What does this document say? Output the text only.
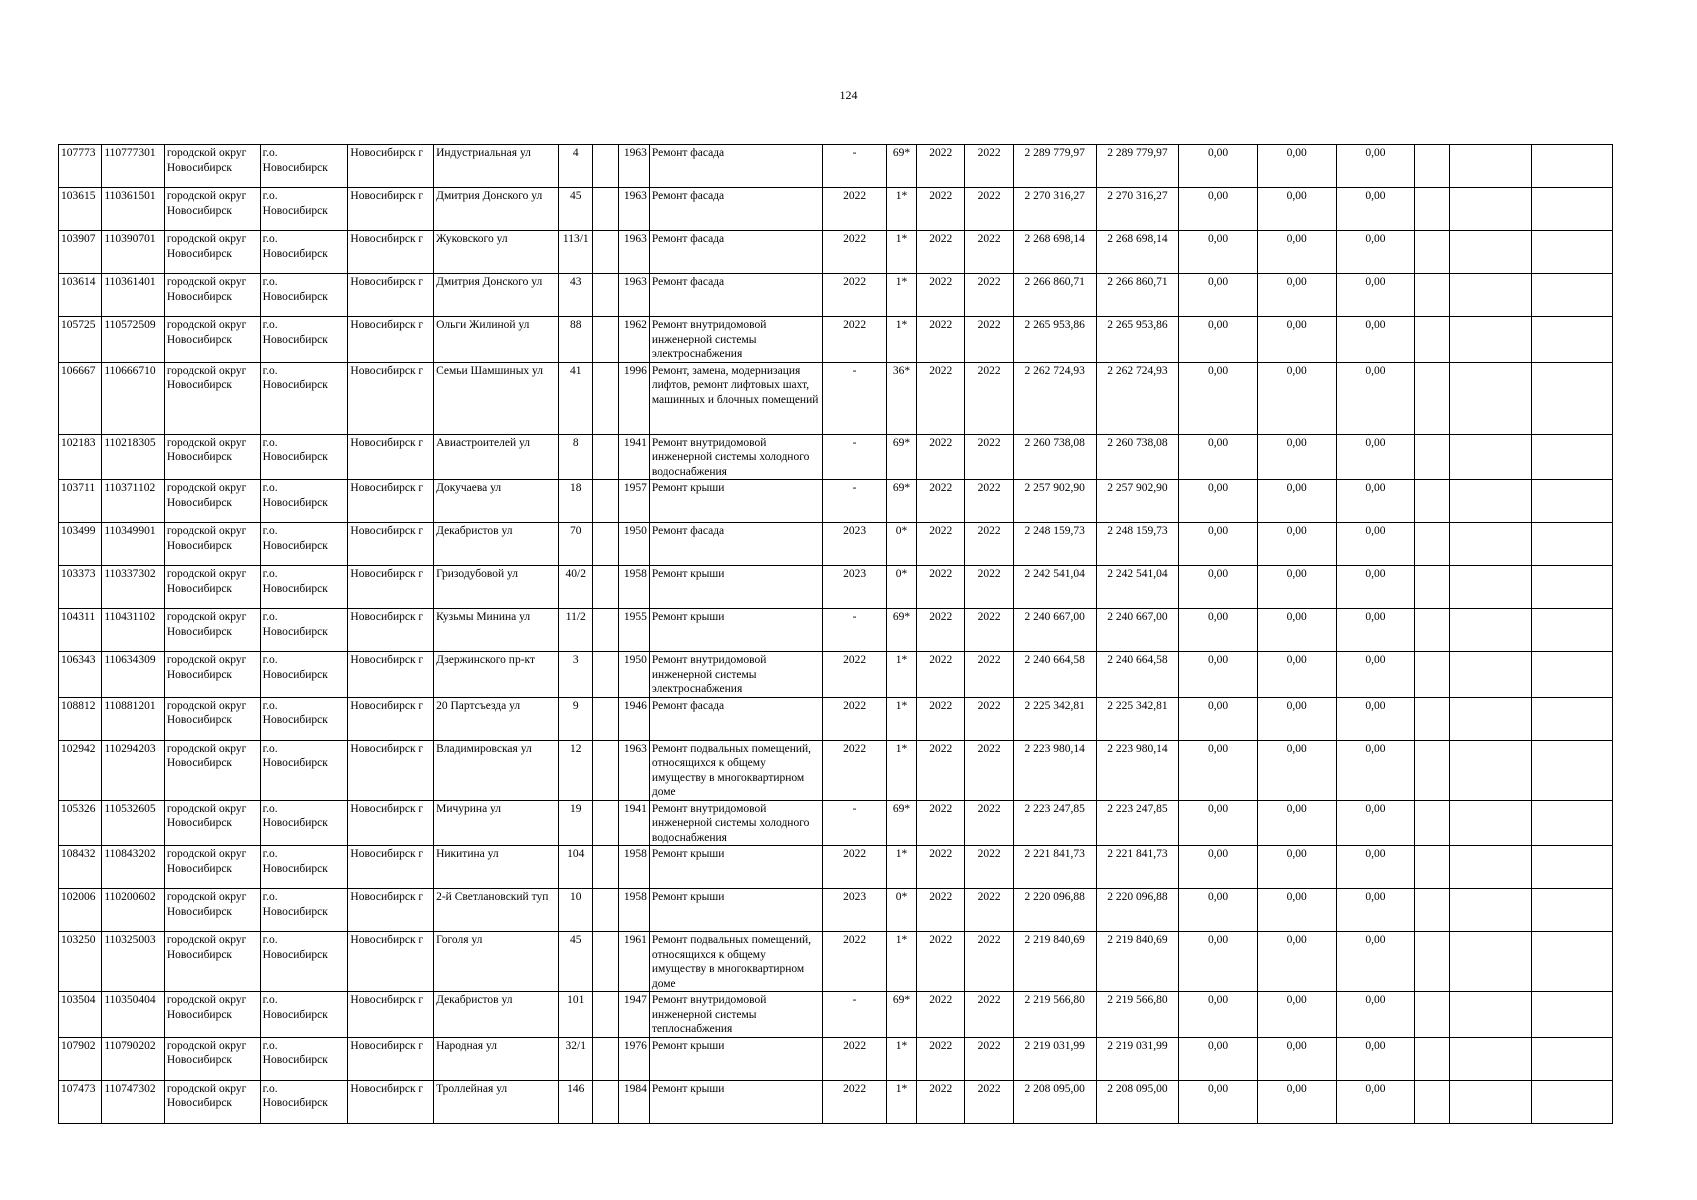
124
107773	110777301	городской округ Новосибирск	г.о. Новосибирск	Новосибирск г	Индустриальная ул	4		1963	Ремонт фасада	-	69*	2022	2022	2 289 779,97	2 289 779,97	0,00	0,00	0,00			
103615	110361501	городской округ Новосибирск	г.о. Новосибирск	Новосибирск г	Дмитрия Донского ул	45		1963	Ремонт фасада	2022	1*	2022	2022	2 270 316,27	2 270 316,27	0,00	0,00	0,00			
103907	110390701	городской округ Новосибирск	г.о. Новосибирск	Новосибирск г	Жуковского ул	113/1		1963	Ремонт фасада	2022	1*	2022	2022	2 268 698,14	2 268 698,14	0,00	0,00	0,00			
103614	110361401	городской округ Новосибирск	г.о. Новосибирск	Новосибирск г	Дмитрия Донского ул	43		1963	Ремонт фасада	2022	1*	2022	2022	2 266 860,71	2 266 860,71	0,00	0,00	0,00			
105725	110572509	городской округ Новосибирск	г.о. Новосибирск	Новосибирск г	Ольги Жилиной ул	88		1962	Ремонт внутридомовой инженерной системы электроснабжения	2022	1*	2022	2022	2 265 953,86	2 265 953,86	0,00	0,00	0,00			
106667	110666710	городской округ Новосибирск	г.о. Новосибирск	Новосибирск г	Семьи Шамшиных ул	41		1996	Ремонт, замена, модернизация лифтов, ремонт лифтовых шахт, машинных и блочных помещений	-	36*	2022	2022	2 262 724,93	2 262 724,93	0,00	0,00	0,00			
102183	110218305	городской округ Новосибирск	г.о. Новосибирск	Новосибирск г	Авиастроителей ул	8		1941	Ремонт внутридомовой инженерной системы холодного водоснабжения	-	69*	2022	2022	2 260 738,08	2 260 738,08	0,00	0,00	0,00			
103711	110371102	городской округ Новосибирск	г.о. Новосибирск	Новосибирск г	Докучаева ул	18		1957	Ремонт крыши	-	69*	2022	2022	2 257 902,90	2 257 902,90	0,00	0,00	0,00			
103499	110349901	городской округ Новосибирск	г.о. Новосибирск	Новосибирск г	Декабристов ул	70		1950	Ремонт фасада	2023	0*	2022	2022	2 248 159,73	2 248 159,73	0,00	0,00	0,00			
103373	110337302	городской округ Новосибирск	г.о. Новосибирск	Новосибирск г	Гризодубовой ул	40/2		1958	Ремонт крыши	2023	0*	2022	2022	2 242 541,04	2 242 541,04	0,00	0,00	0,00			
104311	110431102	городской округ Новосибирск	г.о. Новосибирск	Новосибирск г	Кузьмы Минина ул	11/2		1955	Ремонт крыши	-	69*	2022	2022	2 240 667,00	2 240 667,00	0,00	0,00	0,00			
106343	110634309	городской округ Новосибирск	г.о. Новосибирск	Новосибирск г	Дзержинского пр-кт	3		1950	Ремонт внутридомовой инженерной системы электроснабжения	2022	1*	2022	2022	2 240 664,58	2 240 664,58	0,00	0,00	0,00			
108812	110881201	городской округ Новосибирск	г.о. Новосибирск	Новосибирск г	20 Партсъезда ул	9		1946	Ремонт фасада	2022	1*	2022	2022	2 225 342,81	2 225 342,81	0,00	0,00	0,00			
102942	110294203	городской округ Новосибирск	г.о. Новосибирск	Новосибирск г	Владимировская ул	12		1963	Ремонт подвальных помещений, относящихся к общему имуществу в многоквартирном доме	2022	1*	2022	2022	2 223 980,14	2 223 980,14	0,00	0,00	0,00			
105326	110532605	городской округ Новосибирск	г.о. Новосибирск	Новосибирск г	Мичурина ул	19		1941	Ремонт внутридомовой инженерной системы холодного водоснабжения	-	69*	2022	2022	2 223 247,85	2 223 247,85	0,00	0,00	0,00			
108432	110843202	городской округ Новосибирск	г.о. Новосибирск	Новосибирск г	Никитина ул	104		1958	Ремонт крыши	2022	1*	2022	2022	2 221 841,73	2 221 841,73	0,00	0,00	0,00			
102006	110200602	городской округ Новосибирск	г.о. Новосибирск	Новосибирск г	2-й Светлановский туп	10		1958	Ремонт крыши	2023	0*	2022	2022	2 220 096,88	2 220 096,88	0,00	0,00	0,00			
103250	110325003	городской округ Новосибирск	г.о. Новосибирск	Новосибирск г	Гоголя ул	45		1961	Ремонт подвальных помещений, относящихся к общему имуществу в многоквартирном доме	2022	1*	2022	2022	2 219 840,69	2 219 840,69	0,00	0,00	0,00			
103504	110350404	городской округ Новосибирск	г.о. Новосибирск	Новосибирск г	Декабристов ул	101		1947	Ремонт внутридомовой инженерной системы теплоснабжения	-	69*	2022	2022	2 219 566,80	2 219 566,80	0,00	0,00	0,00			
107902	110790202	городской округ Новосибирск	г.о. Новосибирск	Новосибирск г	Народная ул	32/1		1976	Ремонт крыши	2022	1*	2022	2022	2 219 031,99	2 219 031,99	0,00	0,00	0,00			
107473	110747302	городской округ Новосибирск	г.о. Новосибирск	Новосибирск г	Троллейная ул	146		1984	Ремонт крыши	2022	1*	2022	2022	2 208 095,00	2 208 095,00	0,00	0,00	0,00			
